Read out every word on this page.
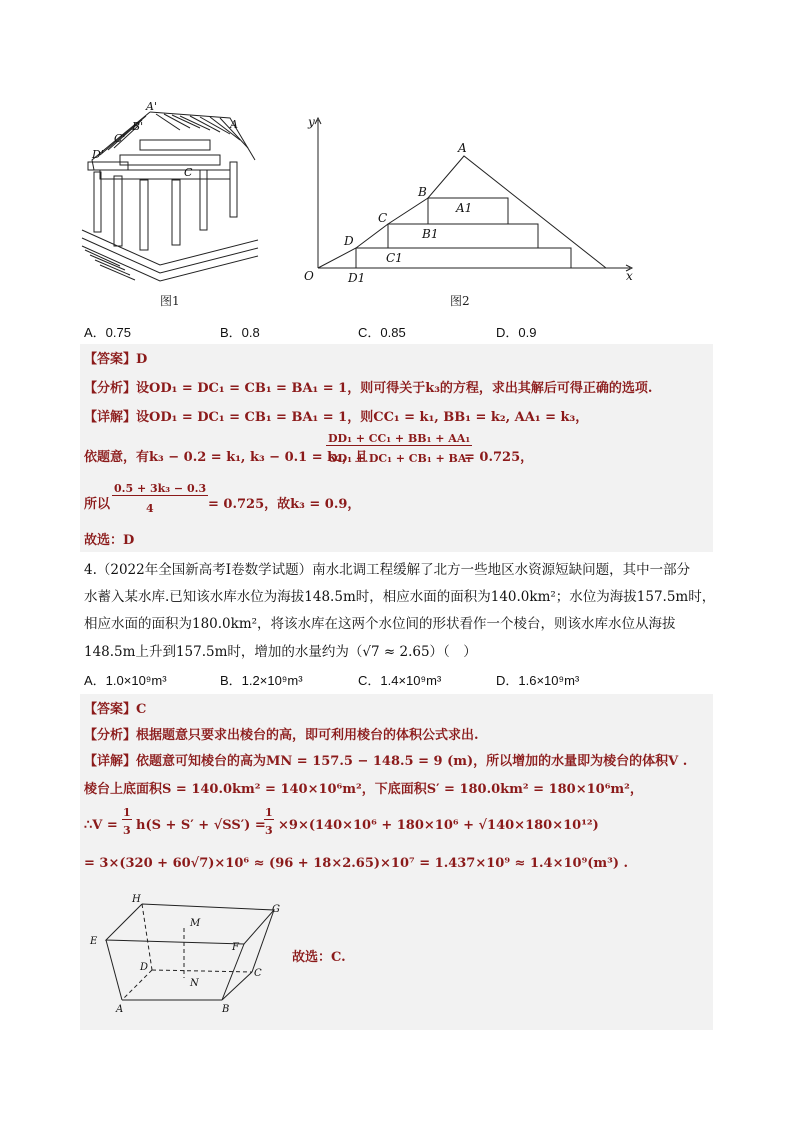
A'
A
B'
C'
D'
C
图1
y
x
O
A
B
C
D
A1
B1
C1
D1
图2
A．0.75	B．0.8	C．0.85	D．0.9
【答案】D
【分析】设OD₁ = DC₁ = CB₁ = BA₁ = 1，则可得关于k₃的方程，求出其解后可得正确的选项.
【详解】设OD₁ = DC₁ = CB₁ = BA₁ = 1，则CC₁ = k₁, BB₁ = k₂, AA₁ = k₃，
依题意，有k₃ − 0.2 = k₁, k₃ − 0.1 = k₂，且
DD₁ + CC₁ + BB₁ + AA₁
OD₁ + DC₁ + CB₁ + BA₁
= 0.725，
所以
0.5 + 3k₃ − 0.3
4	= 0.725，故k₃ = 0.9，
故选：D
4.（2022年全国新高考Ⅰ卷数学试题）南水北调工程缓解了北方一些地区水资源短缺问题，其中一部分
水蓄入某水库.已知该水库水位为海拔148.5m时，相应水面的面积为140.0km²；水位为海拔157.5m时，
相应水面的面积为180.0km²，将该水库在这两个水位间的形状看作一个棱台，则该水库水位从海拔
148.5m上升到157.5m时，增加的水量约为（√7 ≈ 2.65）（　）
A．1.0×10⁹m³	B．1.2×10⁹m³	C．1.4×10⁹m³	D．1.6×10⁹m³
【答案】C
【分析】根据题意只要求出棱台的高，即可利用棱台的体积公式求出.
【详解】依题意可知棱台的高为MN = 157.5 − 148.5 = 9 (m)，所以增加的水量即为棱台的体积V .
棱台上底面积S = 140.0km² = 140×10⁶m²，下底面积S′ = 180.0km² = 180×10⁶m²，
∴V =
1
3 h(S + S′ + √SS′) =
1
3 ×9×(140×10⁶ + 180×10⁶ + √140×180×10¹²)
= 3×(320 + 60√7)×10⁶ ≈ (96 + 18×2.65)×10⁷ = 1.437×10⁹ ≈ 1.4×10⁹(m³) .
H
G
E
F
M
D
C
N
A	B
故选：C.
